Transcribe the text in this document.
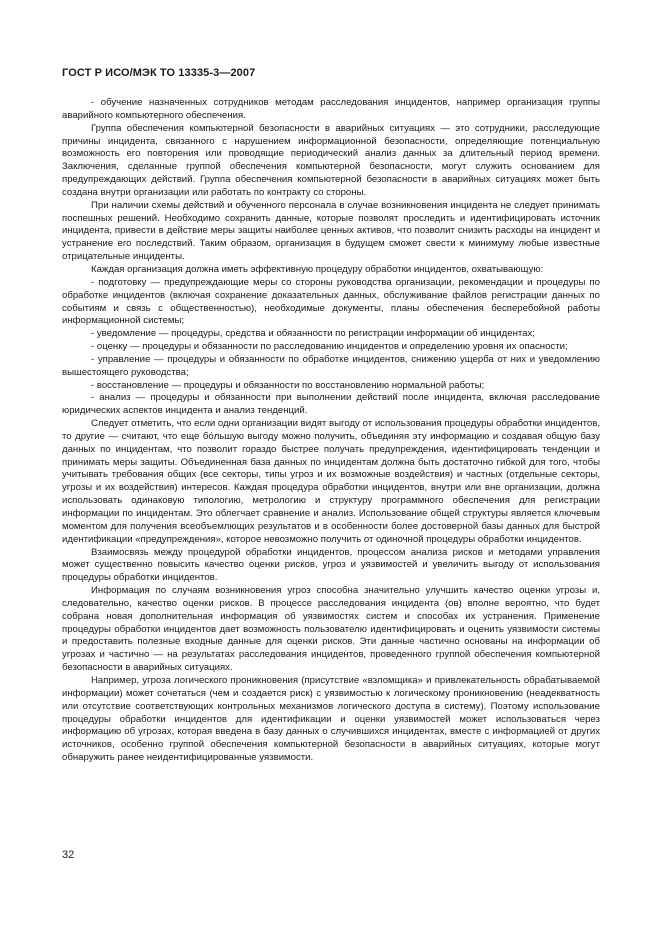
ГОСТ Р ИСО/МЭК ТО 13335-3—2007

- обучение назначенных сотрудников методам расследования инцидентов, например организация группы аварийного компьютерного обеспечения.

Группа обеспечения компьютерной безопасности в аварийных ситуациях — это сотрудники, расследующие причины инцидента, связанного с нарушением информационной безопасности, определяющие потенциальную возможность его повторения или проводящие периодический анализ данных за длительный период времени. Заключения, сделанные группой обеспечения компьютерной безопасности, могут служить основанием для предупреждающих действий. Группа обеспечения компьютерной безопасности в аварийных ситуациях может быть создана внутри организации или работать по контракту со стороны.

При наличии схемы действий и обученного персонала в случае возникновения инцидента не следует принимать поспешных решений. Необходимо сохранить данные, которые позволят проследить и идентифицировать источник инцидента, привести в действие меры защиты наиболее ценных активов, что позволит снизить расходы на инцидент и устранение его последствий. Таким образом, организация в будущем сможет свести к минимуму любые известные отрицательные инциденты.

Каждая организация должна иметь эффективную процедуру обработки инцидентов, охватывающую:

- подготовку — предупреждающие меры со стороны руководства организации, рекомендации и процедуры по обработке инцидентов (включая сохранение доказательных данных, обслуживание файлов регистрации данных по событиям и связь с общественностью), необходимые документы, планы обеспечения бесперебойной работы информационной системы;

- уведомление — процедуры, средства и обязанности по регистрации информации об инцидентах;

- оценку — процедуры и обязанности по расследованию инцидентов и определению уровня их опасности;

- управление — процедуры и обязанности по обработке инцидентов, снижению ущерба от них и уведомлению вышестоящего руководства;

- восстановление — процедуры и обязанности по восстановлению нормальной работы;

- анализ — процедуры и обязанности при выполнении действий после инцидента, включая расследование юридических аспектов инцидента и анализ тенденций.

Следует отметить, что если одни организации видят выгоду от использования процедуры обработки инцидентов, то другие — считают, что еще бо́льшую выгоду можно получить, объединяя эту информацию и создавая общую базу данных по инцидентам, что позволит гораздо быстрее получать предупреждения, идентифицировать тенденции и принимать меры защиты. Объединенная база данных по инцидентам должна быть достаточно гибкой для того, чтобы учитывать требования общих (все секторы, типы угроз и их возможные воздействия) и частных (отдельные секторы, угрозы и их воздействия) интересов. Каждая процедура обработки инцидентов, внутри или вне организации, должна использовать одинаковую типологию, метрологию и структуру программного обеспечения для регистрации информации по инцидентам. Это облегчает сравнение и анализ. Использование общей структуры является ключевым моментом для получения всеобъемлющих результатов и в особенности более достоверной базы данных для быстрой идентификации «предупреждения», которое невозможно получить от одиночной процедуры обработки инцидентов.

Взаимосвязь между процедурой обработки инцидентов, процессом анализа рисков и методами управления может существенно повысить качество оценки рисков, угроз и уязвимостей и увеличить выгоду от использования процедуры обработки инцидентов.

Информация по случаям возникновения угроз способна значительно улучшить качество оценки угрозы и, следовательно, качество оценки рисков. В процессе расследования инцидента (ов) вполне вероятно, что будет собрана новая дополнительная информация об уязвимостях систем и способах их устранения. Применение процедуры обработки инцидентов дает возможность пользователю идентифицировать и оценить уязвимости системы и предоставить полезные входные данные для оценки рисков. Эти данные частично основаны на информации об угрозах и частично — на результатах расследования инцидентов, проведенного группой обеспечения компьютерной безопасности в аварийных ситуациях.

Например, угроза логического проникновения (присутствие «взломщика» и привлекательность обрабатываемой информации) может сочетаться (чем и создается риск) с уязвимостью к логическому проникновению (неадекватность или отсутствие соответствующих контрольных механизмов логического доступа в систему). Поэтому использование процедуры обработки инцидентов для идентификации и оценки уязвимостей может использоваться через информацию об угрозах, которая введена в базу данных о случившихся инцидентах, вместе с информацией от других источников, особенно группой обеспечения компьютерной безопасности в аварийных ситуациях, которые могут обнаружить ранее неидентифицированные уязвимости.

32
